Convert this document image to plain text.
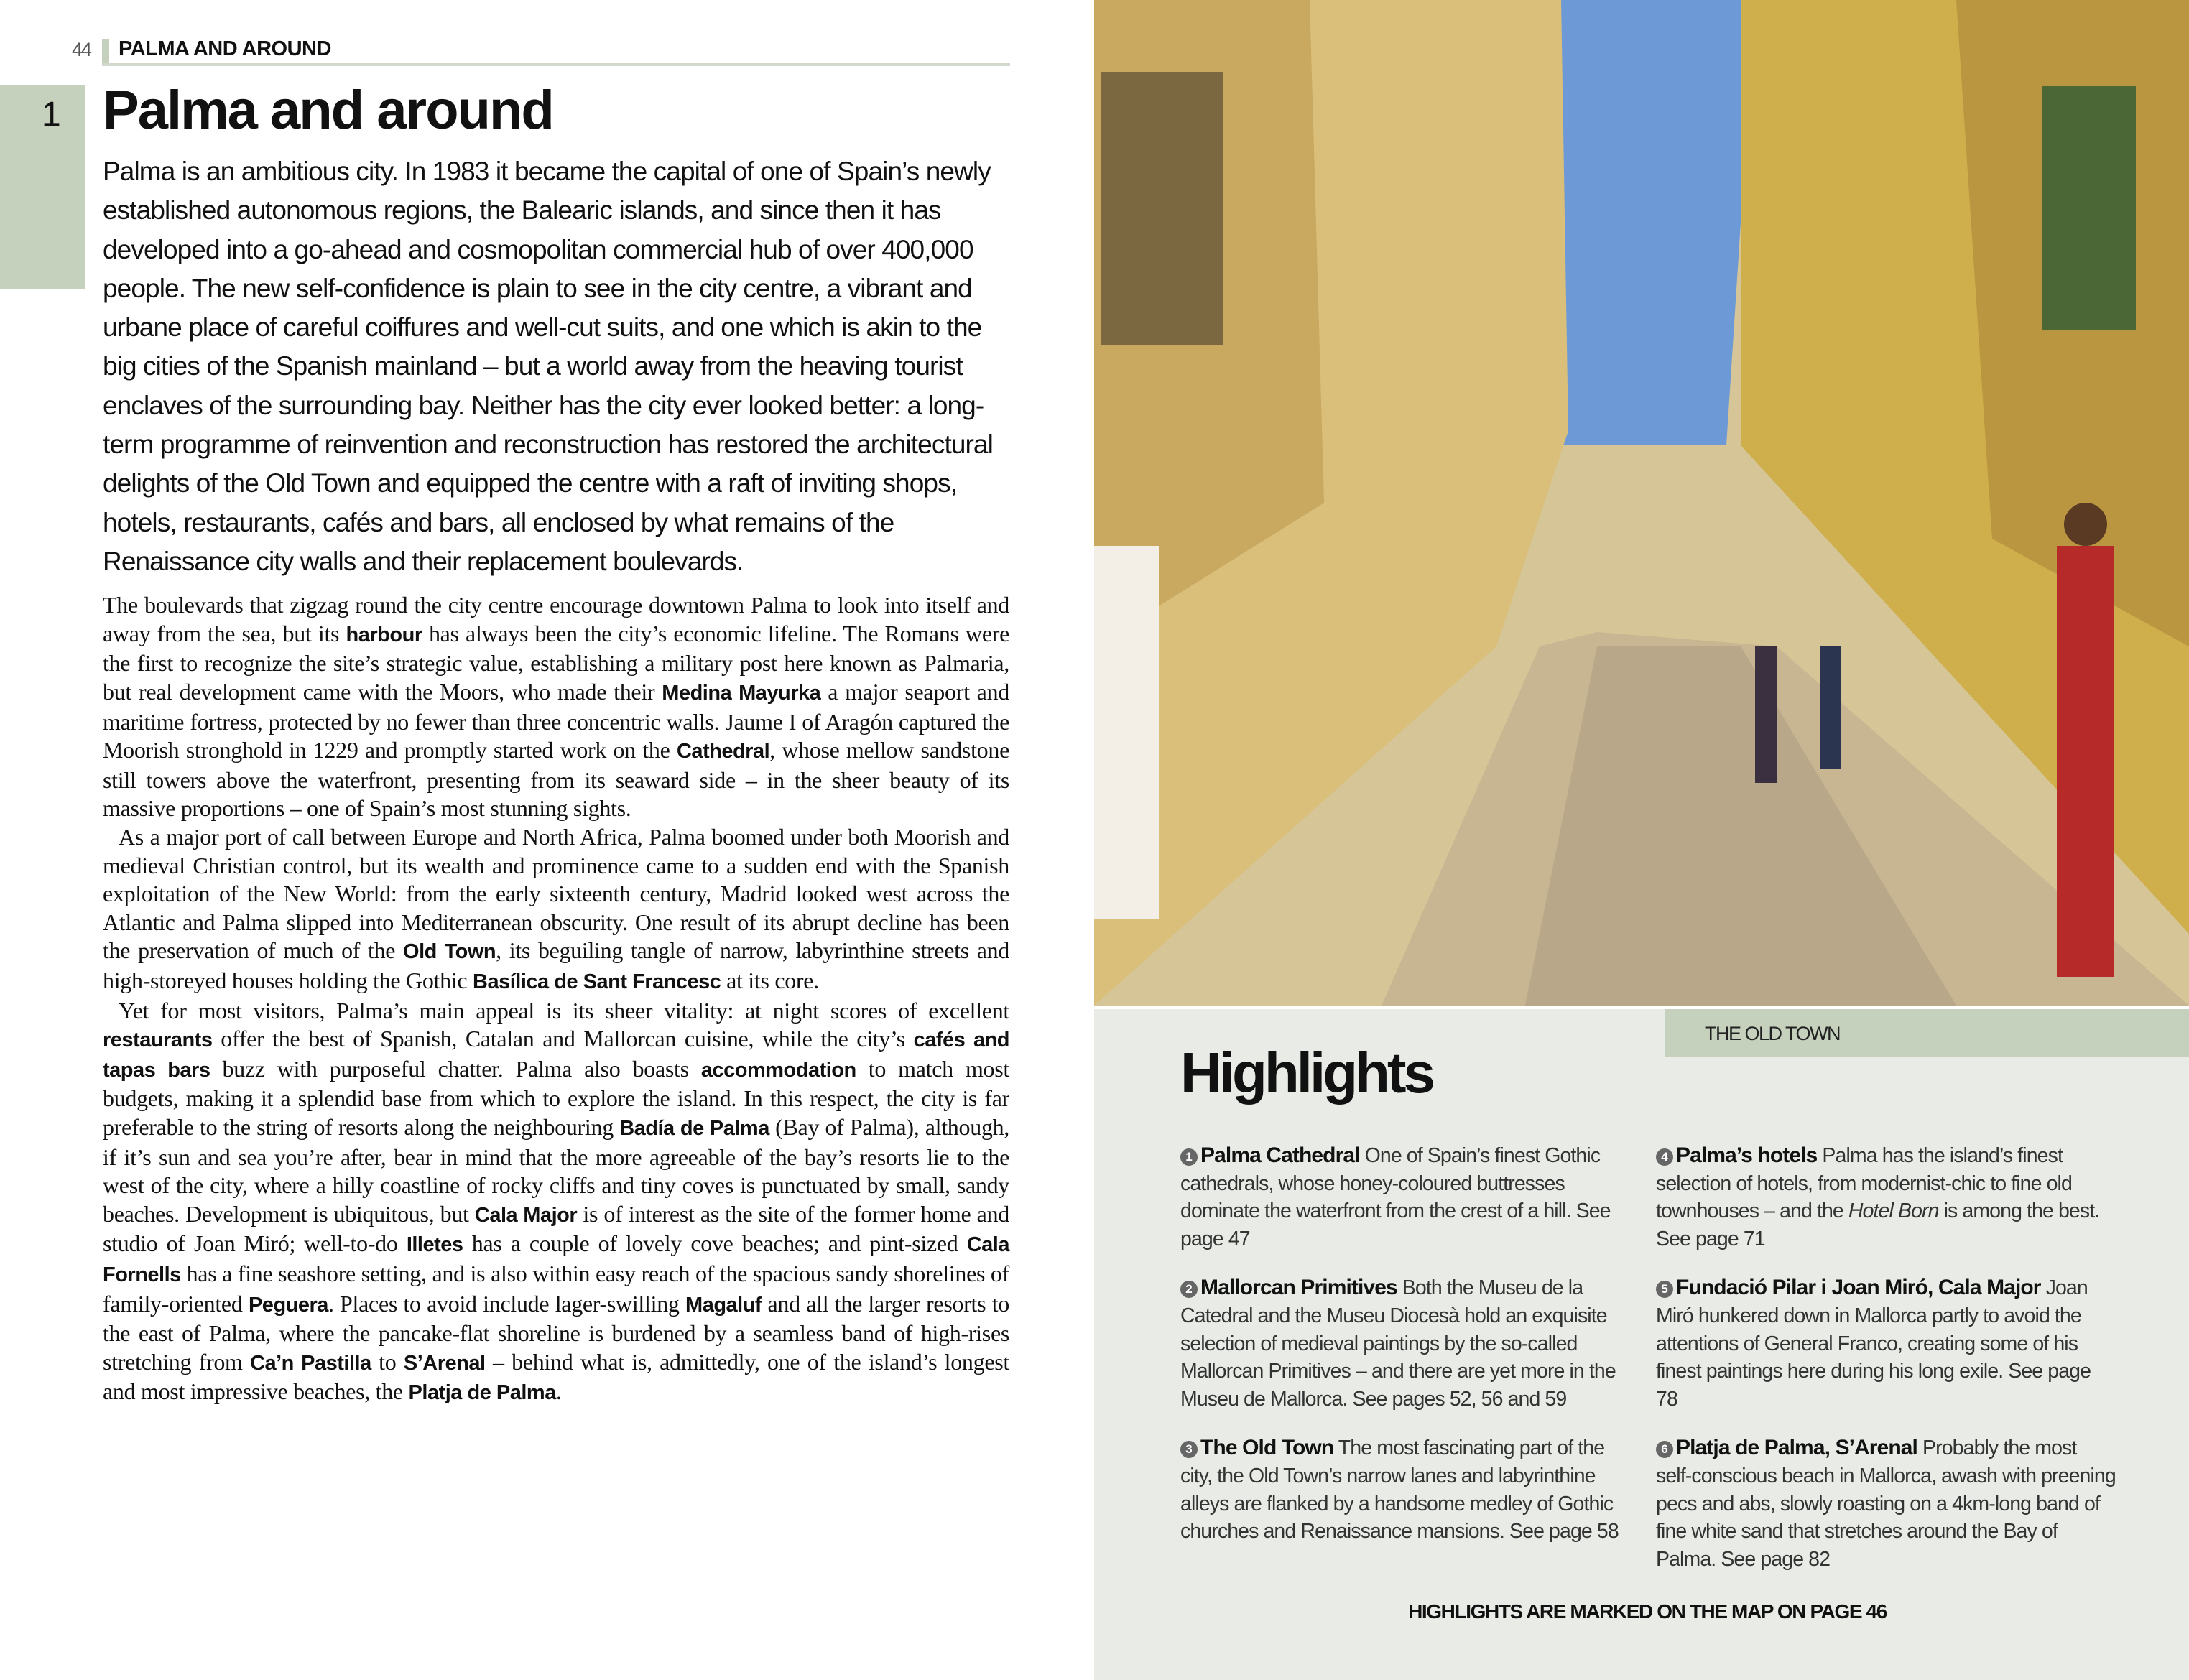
44 PALMA AND AROUND
1 Palma and around

Palma is an ambitious city. In 1983 it became the capital of one of Spain’s newly established autonomous regions, the Balearic islands, and since then it has developed into a go-ahead and cosmopolitan commercial hub of over 400,000 people. The new self-confidence is plain to see in the city centre, a vibrant and urbane place of careful coiffures and well-cut suits, and one which is akin to the big cities of the Spanish mainland – but a world away from the heaving tourist enclaves of the surrounding bay. Neither has the city ever looked better: a long-term programme of reinvention and reconstruction has restored the architectural delights of the Old Town and equipped the centre with a raft of inviting shops, hotels, restaurants, cafés and bars, all enclosed by what remains of the Renaissance city walls and their replacement boulevards.

The boulevards that zigzag round the city centre encourage downtown Palma to look into itself and away from the sea, but its harbour has always been the city’s economic lifeline. The Romans were the first to recognize the site’s strategic value, establishing a military post here known as Palmaria, but real development came with the Moors, who made their Medina Mayurka a major seaport and maritime fortress, protected by no fewer than three concentric walls. Jaume I of Aragón captured the Moorish stronghold in 1229 and promptly started work on the Cathedral, whose mellow sandstone still towers above the waterfront, presenting from its seaward side – in the sheer beauty of its massive proportions – one of Spain’s most stunning sights.

As a major port of call between Europe and North Africa, Palma boomed under both Moorish and medieval Christian control, but its wealth and prominence came to a sudden end with the Spanish exploitation of the New World: from the early sixteenth century, Madrid looked west across the Atlantic and Palma slipped into Mediterranean obscurity. One result of its abrupt decline has been the preservation of much of the Old Town, its beguiling tangle of narrow, labyrinthine streets and high-storeyed houses holding the Gothic Basílica de Sant Francesc at its core.

Yet for most visitors, Palma’s main appeal is its sheer vitality: at night scores of excellent restaurants offer the best of Spanish, Catalan and Mallorcan cuisine, while the city’s cafés and tapas bars buzz with purposeful chatter. Palma also boasts accommodation to match most budgets, making it a splendid base from which to explore the island. In this respect, the city is far preferable to the string of resorts along the neighbouring Badía de Palma (Bay of Palma), although, if it’s sun and sea you’re after, bear in mind that the more agreeable of the bay’s resorts lie to the west of the city, where a hilly coastline of rocky cliffs and tiny coves is punctuated by small, sandy beaches. Development is ubiquitous, but Cala Major is of interest as the site of the former home and studio of Joan Miró; well-to-do Illetes has a couple of lovely cove beaches; and pint-sized Cala Fornells has a fine seashore setting, and is also within easy reach of the spacious sandy shorelines of family-oriented Peguera. Places to avoid include lager-swilling Magaluf and all the larger resorts to the east of Palma, where the pancake-flat shoreline is burdened by a seamless band of high-rises stretching from Ca’n Pastilla to S’Arenal – behind what is, admittedly, one of the island’s longest and most impressive beaches, the Platja de Palma.

THE OLD TOWN
Highlights
1 Palma Cathedral One of Spain’s finest Gothic cathedrals, whose honey-coloured buttresses dominate the waterfront from the crest of a hill. See page 47
2 Mallorcan Primitives Both the Museu de la Catedral and the Museu Diocesà hold an exquisite selection of medieval paintings by the so-called Mallorcan Primitives – and there are yet more in the Museu de Mallorca. See pages 52, 56 and 59
3 The Old Town The most fascinating part of the city, the Old Town’s narrow lanes and labyrinthine alleys are flanked by a handsome medley of Gothic churches and Renaissance mansions. See page 58
4 Palma’s hotels Palma has the island’s finest selection of hotels, from modernist-chic to fine old townhouses – and the Hotel Born is among the best. See page 71
5 Fundació Pilar i Joan Miró, Cala Major Joan Miró hunkered down in Mallorca partly to avoid the attentions of General Franco, creating some of his finest paintings here during his long exile. See page 78
6 Platja de Palma, S’Arenal Probably the most self-conscious beach in Mallorca, awash with preening pecs and abs, slowly roasting on a 4km-long band of fine white sand that stretches around the Bay of Palma. See page 82
HIGHLIGHTS ARE MARKED ON THE MAP ON PAGE 46
